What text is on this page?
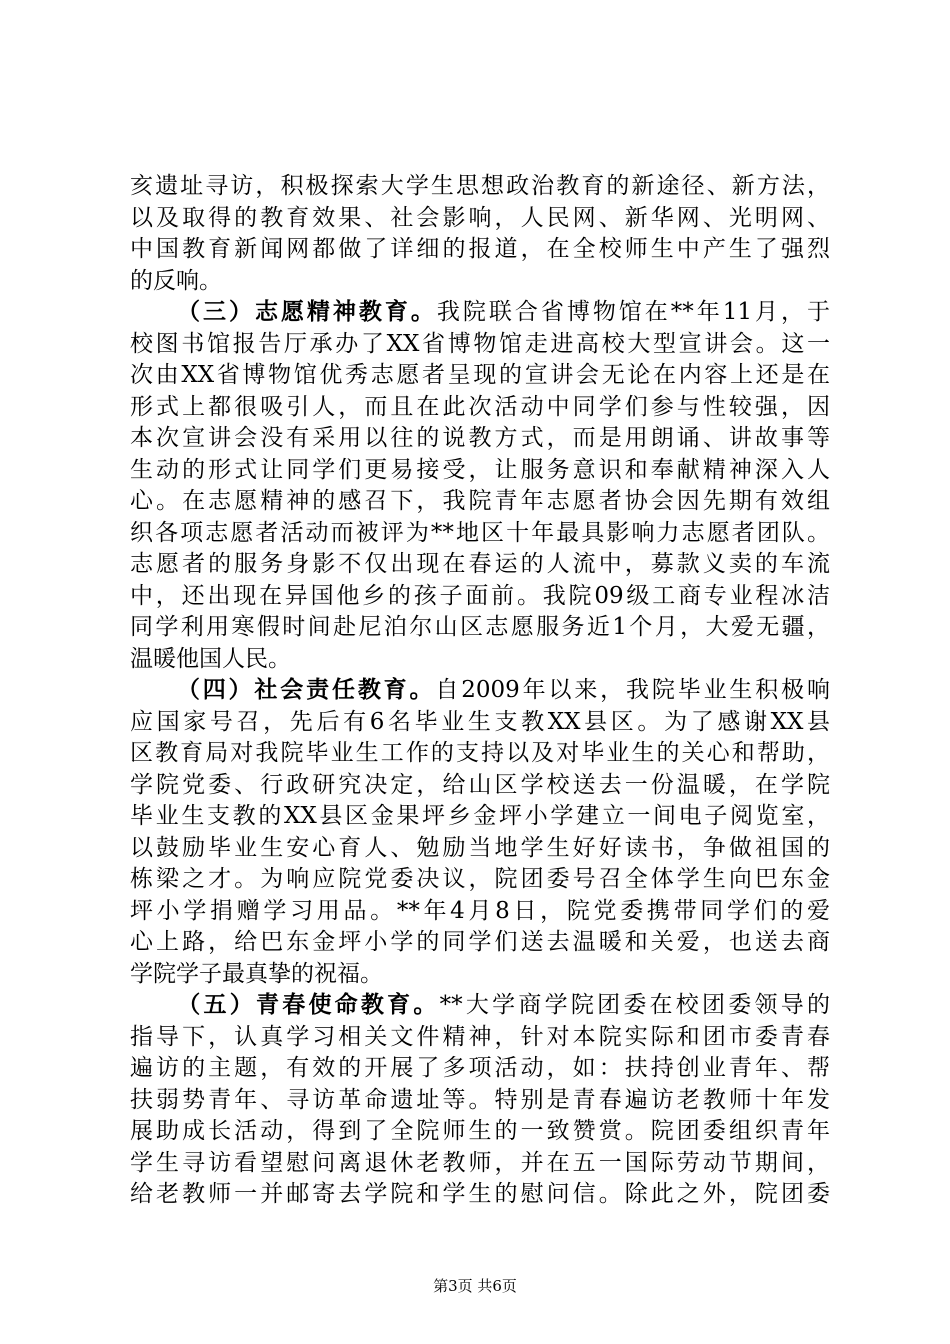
亥遗址寻访，积极探索大学生思想政治教育的新途径、新方法，
以及取得的教育效果、社会影响，人民网、新华网、光明网、
中国教育新闻网都做了详细的报道，在全校师生中产生了强烈
的反响。
（三）志愿精神教育。我院联合省博物馆在**年11月，于
校图书馆报告厅承办了XX省博物馆走进高校大型宣讲会。这一
次由XX省博物馆优秀志愿者呈现的宣讲会无论在内容上还是在
形式上都很吸引人，而且在此次活动中同学们参与性较强，因
本次宣讲会没有采用以往的说教方式，而是用朗诵、讲故事等
生动的形式让同学们更易接受，让服务意识和奉献精神深入人
心。在志愿精神的感召下，我院青年志愿者协会因先期有效组
织各项志愿者活动而被评为**地区十年最具影响力志愿者团队。
志愿者的服务身影不仅出现在春运的人流中，募款义卖的车流
中，还出现在异国他乡的孩子面前。我院09级工商专业程冰洁
同学利用寒假时间赴尼泊尔山区志愿服务近1个月，大爱无疆，
温暖他国人民。
（四）社会责任教育。自2009年以来，我院毕业生积极响
应国家号召，先后有6名毕业生支教XX县区。为了感谢XX县
区教育局对我院毕业生工作的支持以及对毕业生的关心和帮助，
学院党委、行政研究决定，给山区学校送去一份温暖，在学院
毕业生支教的XX县区金果坪乡金坪小学建立一间电子阅览室，
以鼓励毕业生安心育人、勉励当地学生好好读书，争做祖国的
栋梁之才。为响应院党委决议，院团委号召全体学生向巴东金
坪小学捐赠学习用品。**年4月8日，院党委携带同学们的爱
心上路，给巴东金坪小学的同学们送去温暖和关爱，也送去商
学院学子最真挚的祝福。
（五）青春使命教育。**大学商学院团委在校团委领导的
指导下，认真学习相关文件精神，针对本院实际和团市委青春
遍访的主题，有效的开展了多项活动，如：扶持创业青年、帮
扶弱势青年、寻访革命遗址等。特别是青春遍访老教师十年发
展助成长活动，得到了全院师生的一致赞赏。院团委组织青年
学生寻访看望慰问离退休老教师，并在五一国际劳动节期间，
给老教师一并邮寄去学院和学生的慰问信。除此之外，院团委
第3页 共6页
